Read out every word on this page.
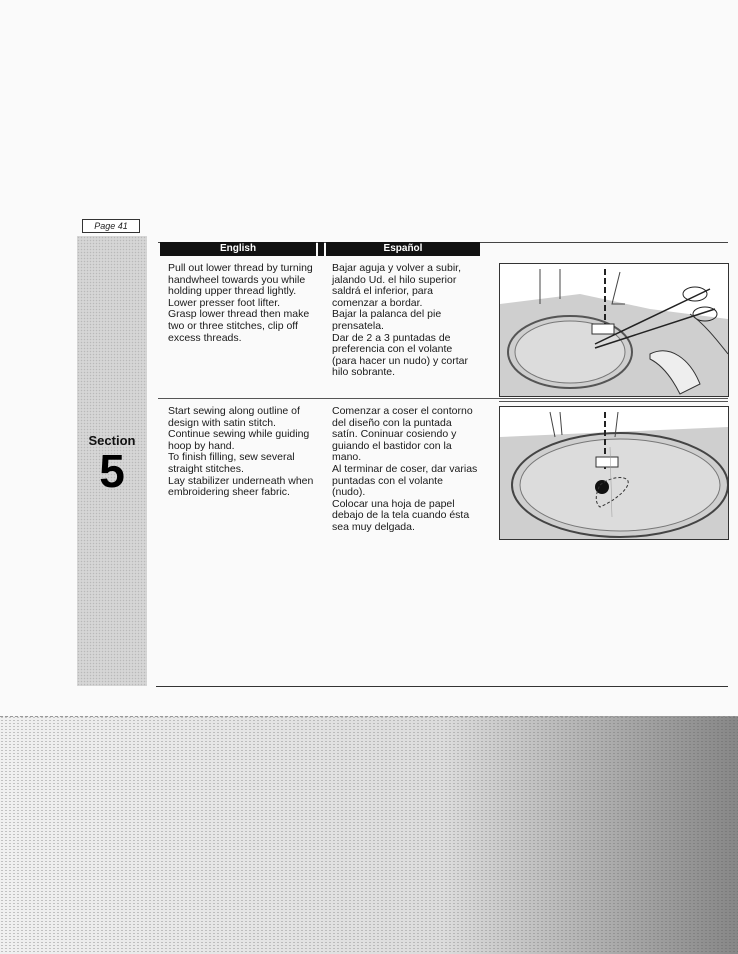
Page 41
Section
5
English	Español

Pull out lower thread by turning handwheel towards you while holding upper thread lightly.

Lower presser foot lifter.

Grasp lower thread then make two or three stitches, clip off excess threads.

Bajar aguja y volver a subir, jalando Ud. el hilo superior saldrá el inferior, para comenzar a bordar.

Bajar la palanca del pie prensatela.

Dar de 2 a 3 puntadas de preferencia con el volante (para hacer un nudo) y cortar hilo sobrante.

Start sewing along outline of design with satin stitch.

Continue sewing while guiding hoop by hand.

To finish filling, sew several straight stitches.

Lay stabilizer underneath when embroidering sheer fabric.

Comenzar a coser el contorno del diseño con la puntada satín. Coninuar cosiendo y guiando el bastidor con la mano.

Al terminar de coser, dar varias puntadas con el volante (nudo).

Colocar una hoja de papel debajo de la tela cuando ésta sea muy delgada.
